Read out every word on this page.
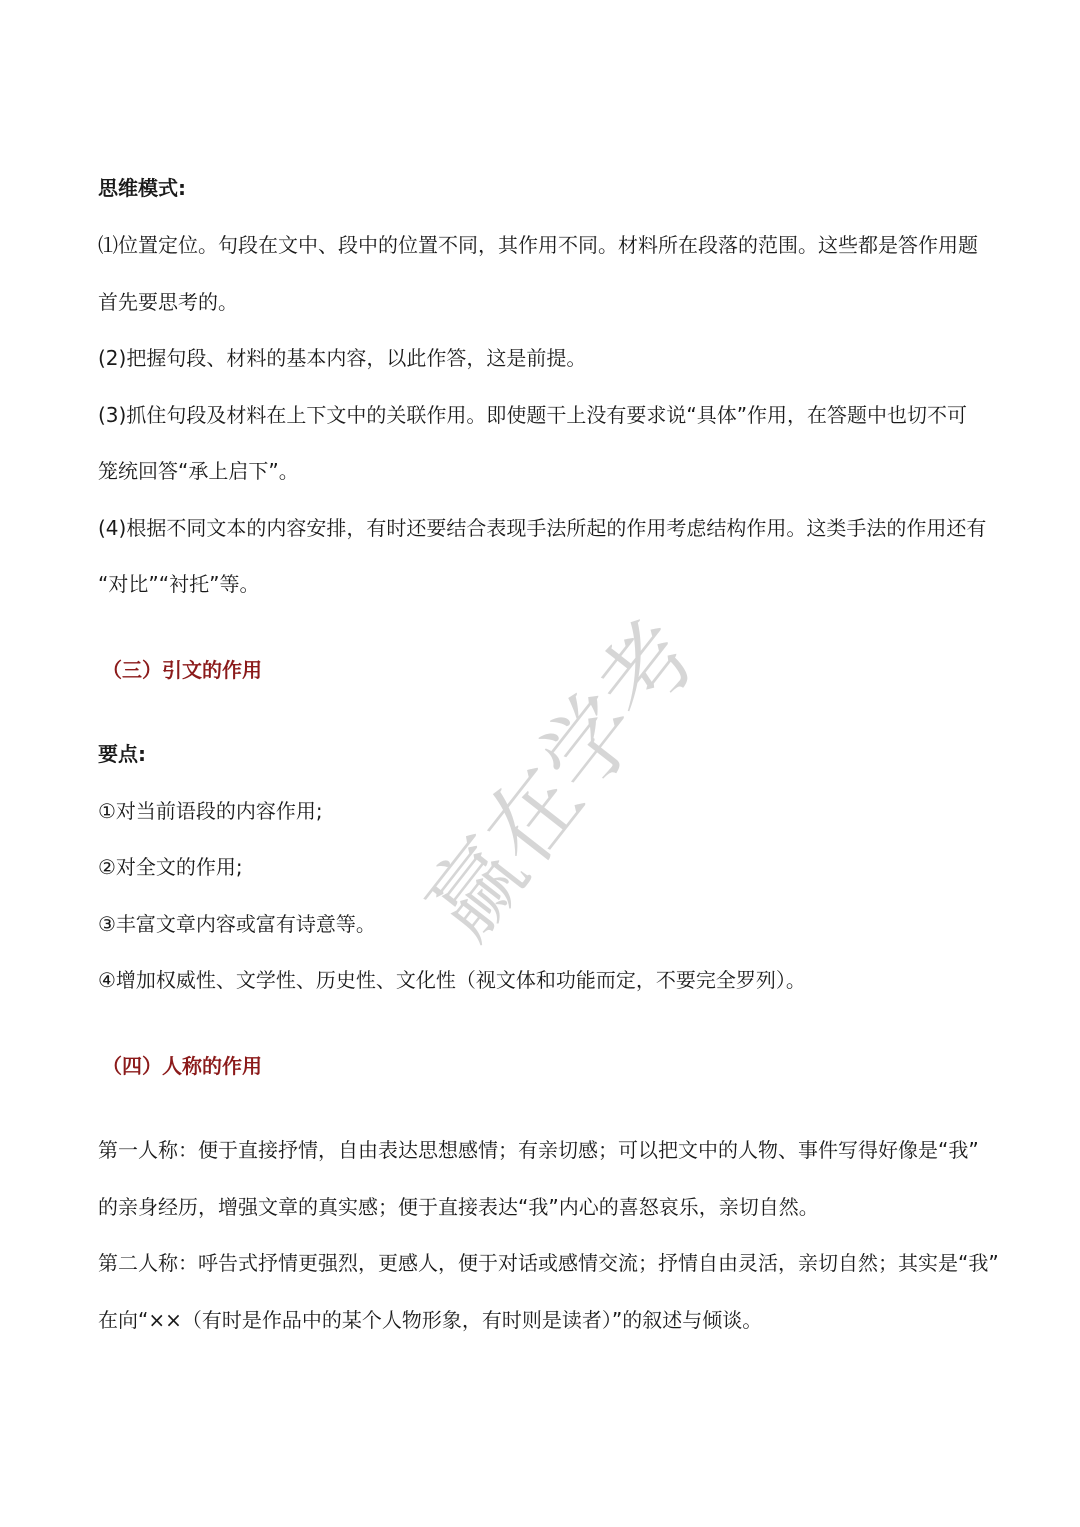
思维模式:
⑴位置定位。句段在文中、段中的位置不同，其作用不同。材料所在段落的范围。这些都是答作用题
首先要思考的。
(2)把握句段、材料的基本内容，以此作答，这是前提。
(3)抓住句段及材料在上下文中的关联作用。即使题干上没有要求说“具体”作用，在答题中也切不可
笼统回答“承上启下”。
(4)根据不同文本的内容安排，有时还要结合表现手法所起的作用考虑结构作用。这类手法的作用还有
“对比”“衬托”等。
（三）引文的作用
要点:
①对当前语段的内容作用;
②对全文的作用;
③丰富文章内容或富有诗意等。
④增加权威性、文学性、历史性、文化性（视文体和功能而定，不要完全罗列）。
（四）人称的作用
第一人称：便于直接抒情，自由表达思想感情；有亲切感；可以把文中的人物、事件写得好像是“我”
的亲身经历，增强文章的真实感；便于直接表达“我”内心的喜怒哀乐，亲切自然。
第二人称：呼告式抒情更强烈，更感人，便于对话或感情交流；抒情自由灵活，亲切自然；其实是“我”
在向“××（有时是作品中的某个人物形象，有时则是读者）”的叙述与倾谈。
赢在学考
